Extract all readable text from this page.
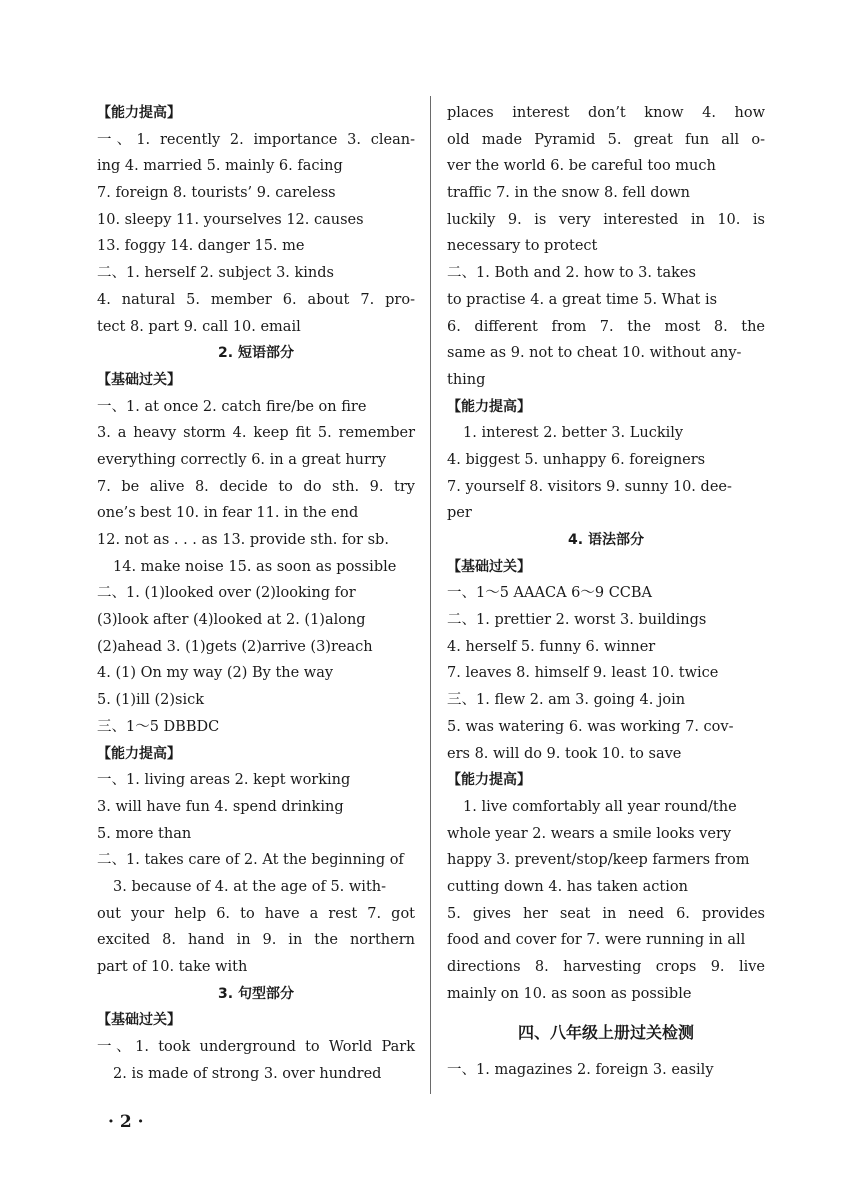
【能力提高】
一、1. recently 2. importance 3. clean-
ing 4. married 5. mainly 6. facing
7. foreign 8. tourists’ 9. careless
10. sleepy 11. yourselves 12. causes
13. foggy 14. danger 15. me
二、1. herself 2. subject 3. kinds
4. natural 5. member 6. about 7. pro-
tect 8. part 9. call 10. email
2. 短语部分
【基础过关】
一、1. at once 2. catch fire/be on fire
3. a heavy storm 4. keep fit 5. remember
everything correctly 6. in a great hurry
7. be alive 8. decide to do sth. 9. try
one’s best 10. in fear 11. in the end
12. not as . . . as 13. provide sth. for sb.
14. make noise 15. as soon as possible
二、1. (1)looked over (2)looking for
(3)look after (4)looked at 2. (1)along
(2)ahead 3. (1)gets (2)arrive (3)reach
4. (1) On my way (2) By the way
5. (1)ill (2)sick
三、1～5 DBBDC
【能力提高】
一、1. living areas 2. kept working
3. will have fun 4. spend drinking
5. more than
二、1. takes care of 2. At the beginning of
3. because of 4. at the age of 5. with-
out your help 6. to have a rest 7. got
excited 8. hand in 9. in the northern
part of 10. take with
3. 句型部分
【基础过关】
一、1. took underground to World Park
2. is made of strong 3. over hundred
places interest don’t know 4. how
old made Pyramid 5. great fun all o-
ver the world 6. be careful too much
traffic 7. in the snow 8. fell down
luckily 9. is very interested in 10. is
necessary to protect
二、1. Both and 2. how to 3. takes
to practise 4. a great time 5. What is
6. different from 7. the most 8. the
same as 9. not to cheat 10. without any-
thing
【能力提高】
1. interest 2. better 3. Luckily
4. biggest 5. unhappy 6. foreigners
7. yourself 8. visitors 9. sunny 10. dee-
per
4. 语法部分
【基础过关】
一、1～5 AAACA 6～9 CCBA
二、1. prettier 2. worst 3. buildings
4. herself 5. funny 6. winner
7. leaves 8. himself 9. least 10. twice
三、1. flew 2. am 3. going 4. join
5. was watering 6. was working 7. cov-
ers 8. will do 9. took 10. to save
【能力提高】
1. live comfortably all year round/the
whole year 2. wears a smile looks very
happy 3. prevent/stop/keep farmers from
cutting down 4. has taken action
5. gives her seat in need 6. provides
food and cover for 7. were running in all
directions 8. harvesting crops 9. live
mainly on 10. as soon as possible
四、八年级上册过关检测
一、1. magazines 2. foreign 3. easily
· 2 ·
